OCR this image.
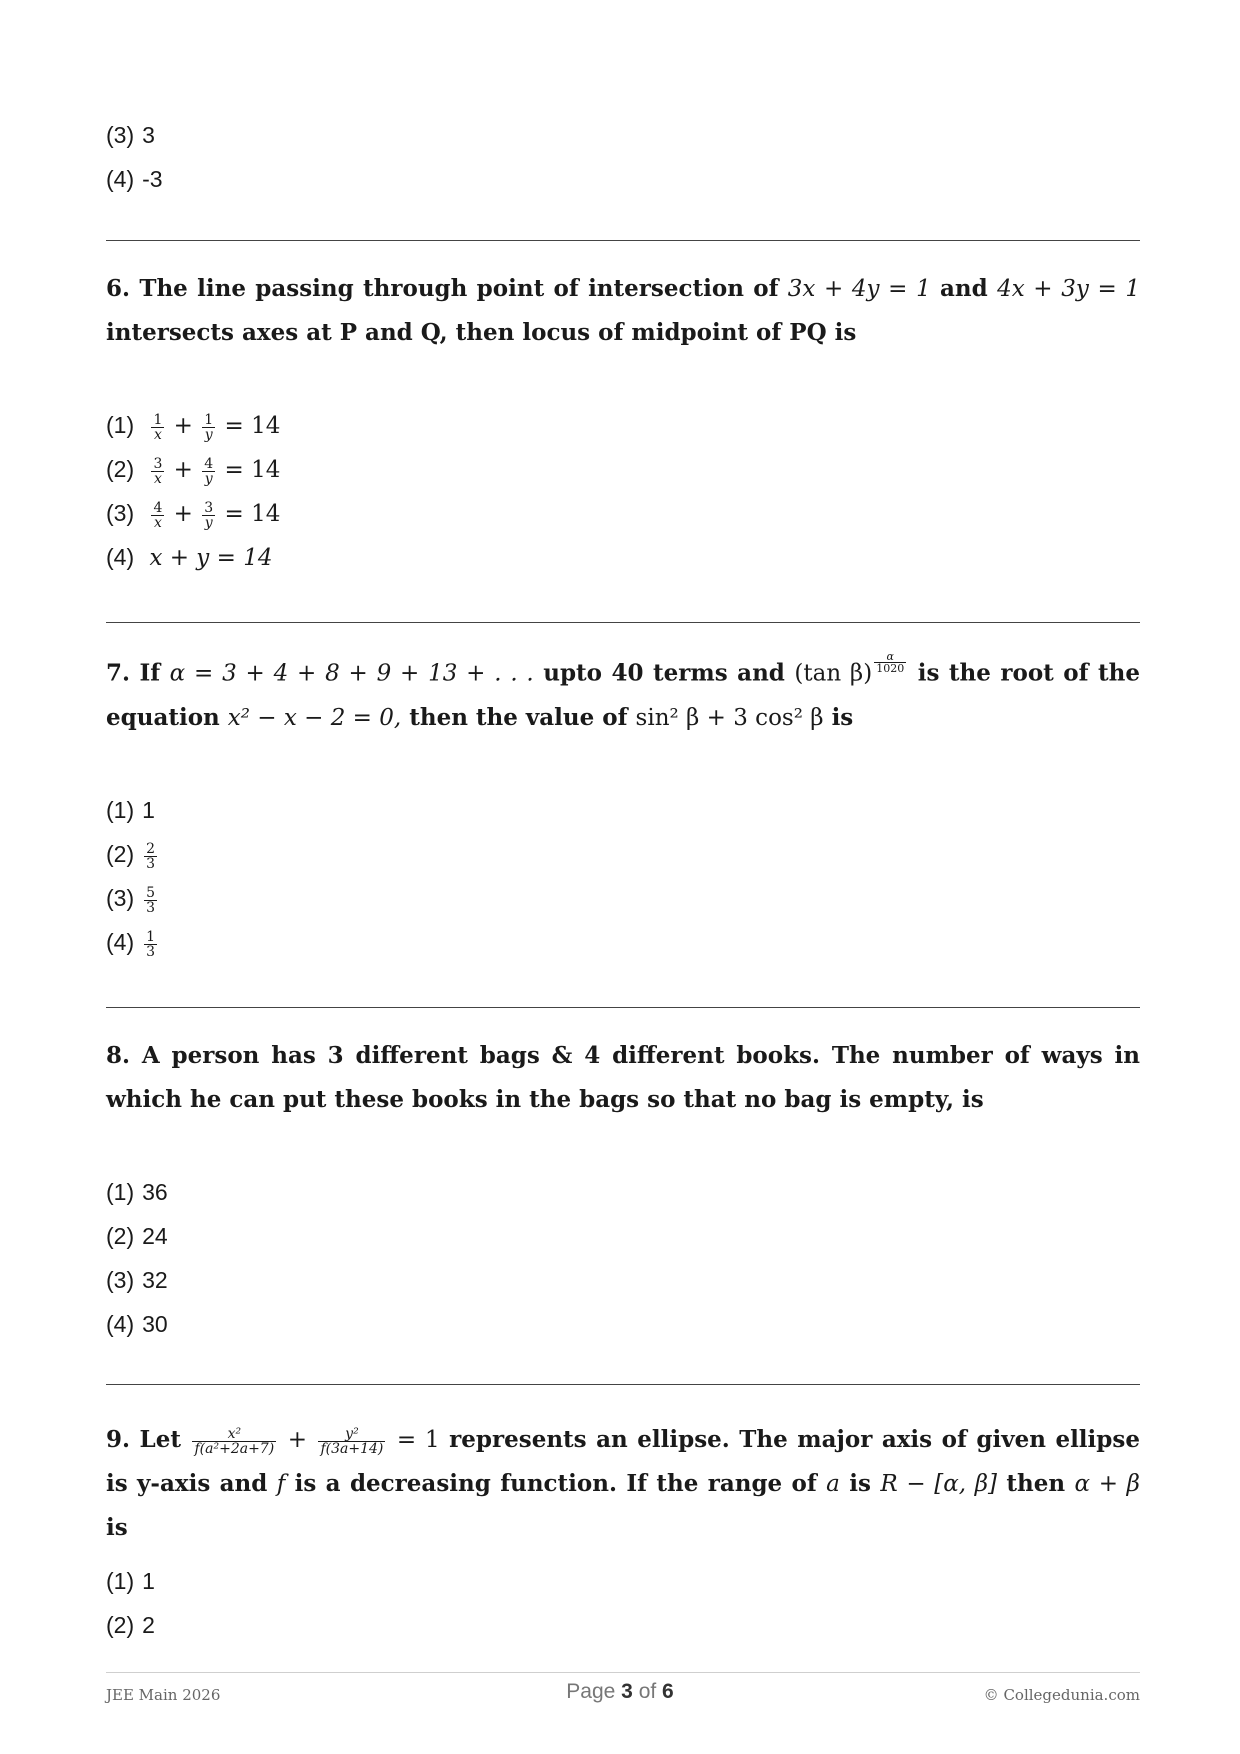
(3) 3
(4) -3
6. The line passing through point of intersection of 3x + 4y = 1 and 4x + 3y = 1 intersects axes at P and Q, then locus of midpoint of PQ is
$(1) \frac{1}{x} + \frac{1}{y} = 14$
$(2) \frac{3}{x} + \frac{4}{y} = 14$
$(3) \frac{4}{x} + \frac{3}{y} = 14$
(4) x + y = 14
7. If α = 3 + 4 + 8 + 9 + 13 + . . . upto 40 terms and (tan $\beta) \frac{\alpha}{1020}$ is the root of the equation x² − x − 2 = 0, then the value of sin² β + 3 cos² β is
(1) 1
$(2) \frac{2}{3}$
$(3) \frac{5}{3}$
$(4) \frac{1}{3}$
8. A person has 3 different bags & 4 different books. The number of ways in which he can put these books in the bags so that no bag is empty, is
(1) 36
(2) 24
(3) 32
(4) 30
9. Let $\frac{\text{x²}}{\text{f(a²+2a+7)}} + \frac{\text{y²}}{f(3a+14)} = 1$ represents an ellipse. The major axis of given ellipse is y-axis and f is a decreasing function. If the range of a is R − [α, β] then α + β is
(1) 1
(2) 2
JEE Main 2026	Page 3 of 6	© Collegedunia.com
